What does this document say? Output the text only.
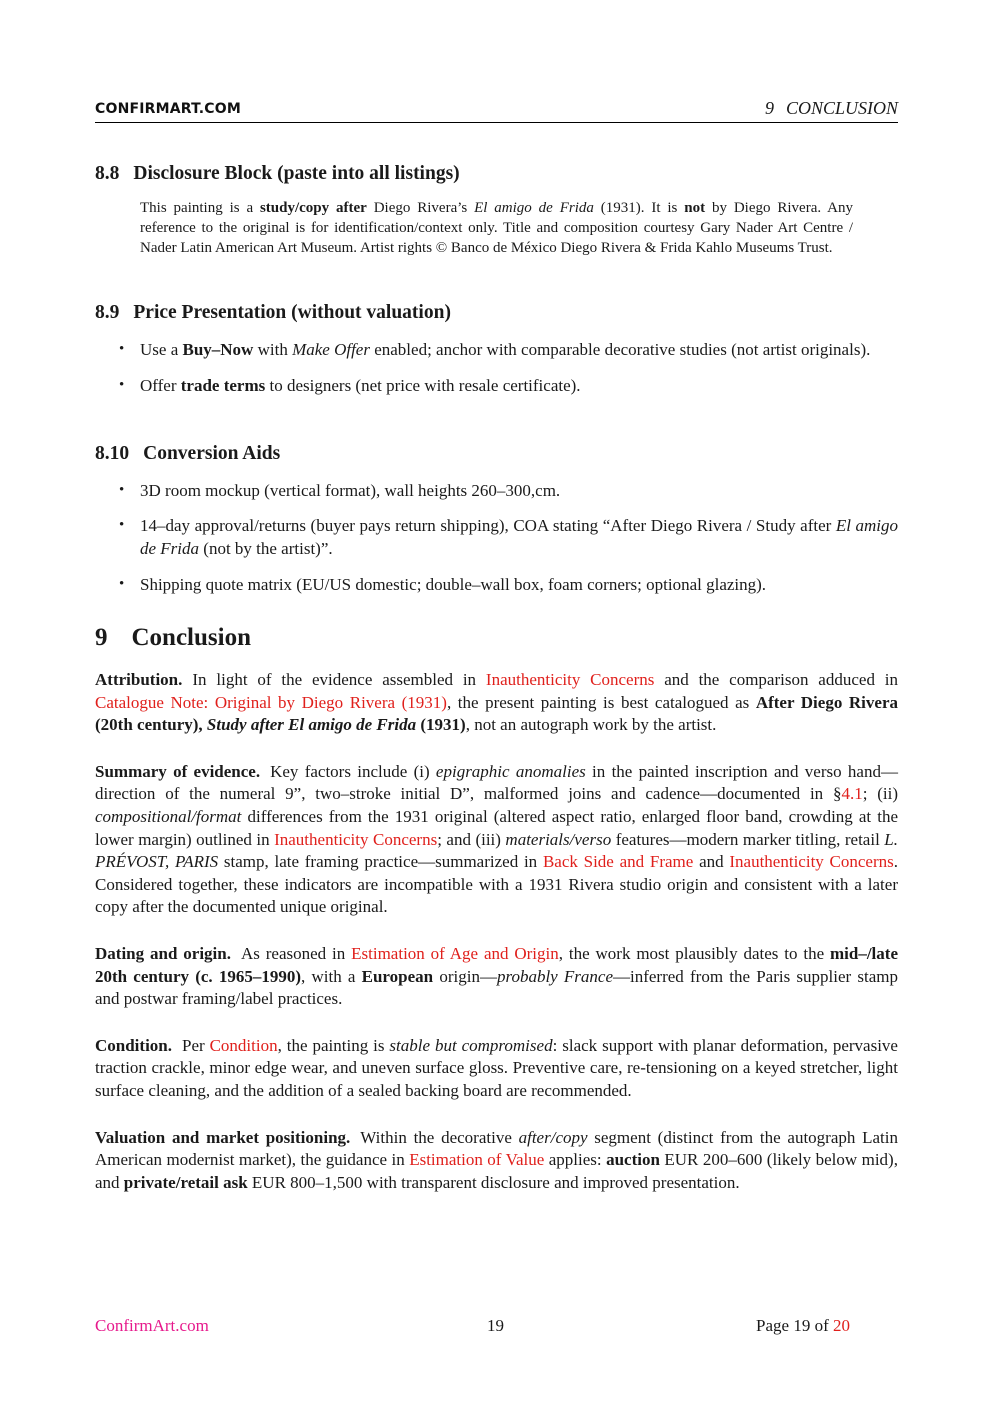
CONFIRMART.COM	9 CONCLUSION
8.8 Disclosure Block (paste into all listings)
This painting is a study/copy after Diego Rivera’s El amigo de Frida (1931). It is not by Diego Rivera. Any reference to the original is for identification/context only. Title and composition courtesy Gary Nader Art Centre / Nader Latin American Art Museum. Artist rights © Banco de México Diego Rivera & Frida Kahlo Museums Trust.
8.9 Price Presentation (without valuation)
• Use a Buy–Now with Make Offer enabled; anchor with comparable decorative studies (not artist originals).
• Offer trade terms to designers (net price with resale certificate).
8.10 Conversion Aids
• 3D room mockup (vertical format), wall heights 260–300,cm.
• 14–day approval/returns (buyer pays return shipping), COA stating “After Diego Rivera / Study after El amigo de Frida (not by the artist)”.
• Shipping quote matrix (EU/US domestic; double–wall box, foam corners; optional glazing).
9 Conclusion

Attribution. In light of the evidence assembled in Inauthenticity Concerns and the comparison adduced in Catalogue Note: Original by Diego Rivera (1931), the present painting is best catalogued as After Diego Rivera (20th century), Study after El amigo de Frida (1931), not an autograph work by the artist.

Summary of evidence. Key factors include (i) epigraphic anomalies in the painted inscription and verso hand—direction of the numeral 9”, two–stroke initial D”, malformed joins and cadence—documented in §4.1; (ii) compositional/format differences from the 1931 original (altered aspect ratio, enlarged floor band, crowding at the lower margin) outlined in Inauthenticity Concerns; and (iii) materials/verso features—modern marker titling, retail L. PRÉVOST, PARIS stamp, late framing practice—summarized in Back Side and Frame and Inauthenticity Concerns. Considered together, these indicators are incompatible with a 1931 Rivera studio origin and consistent with a later copy after the documented unique original.

Dating and origin. As reasoned in Estimation of Age and Origin, the work most plausibly dates to the mid–/late 20th century (c. 1965–1990), with a European origin—probably France—inferred from the Paris supplier stamp and postwar framing/label practices.

Condition. Per Condition, the painting is stable but compromised: slack support with planar deformation, pervasive traction crackle, minor edge wear, and uneven surface gloss. Preventive care, re-tensioning on a keyed stretcher, light surface cleaning, and the addition of a sealed backing board are recommended.

Valuation and market positioning. Within the decorative after/copy segment (distinct from the autograph Latin American modernist market), the guidance in Estimation of Value applies: auction EUR 200–600 (likely below mid), and private/retail ask EUR 800–1,500 with transparent disclosure and improved presentation.

ConfirmArt.com	19	Page 19 of 20
